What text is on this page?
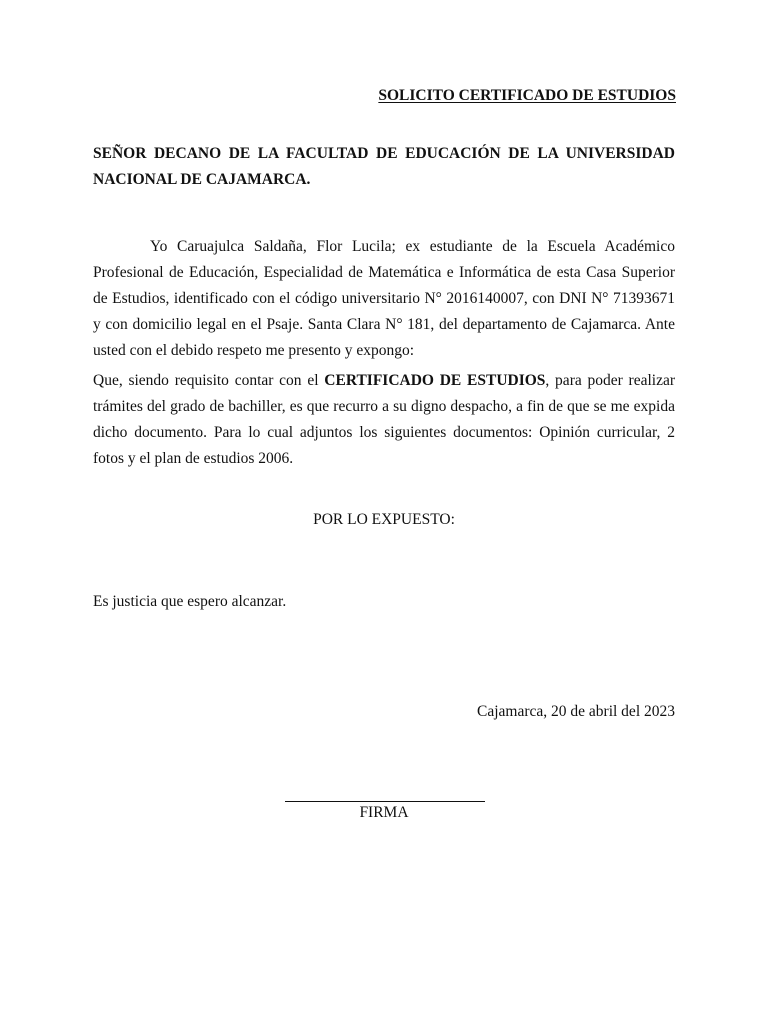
SOLICITO CERTIFICADO DE ESTUDIOS
SEÑOR DECANO DE LA FACULTAD DE EDUCACIÓN DE LA UNIVERSIDAD NACIONAL DE CAJAMARCA.

Yo Caruajulca Saldaña, Flor Lucila; ex estudiante de la Escuela Académico Profesional de Educación, Especialidad de Matemática e Informática de esta Casa Superior de Estudios, identificado con el código universitario N° 2016140007, con DNI N° 71393671 y con domicilio legal en el Psaje. Santa Clara N° 181, del departamento de Cajamarca. Ante usted con el debido respeto me presento y expongo:

Que, siendo requisito contar con el CERTIFICADO DE ESTUDIOS, para poder realizar trámites del grado de bachiller, es que recurro a su digno despacho, a fin de que se me expida dicho documento. Para lo cual adjuntos los siguientes documentos: Opinión curricular, 2 fotos y el plan de estudios 2006.

POR LO EXPUESTO:
Es justicia que espero alcanzar.
Cajamarca, 20 de abril del 2023
FIRMA
